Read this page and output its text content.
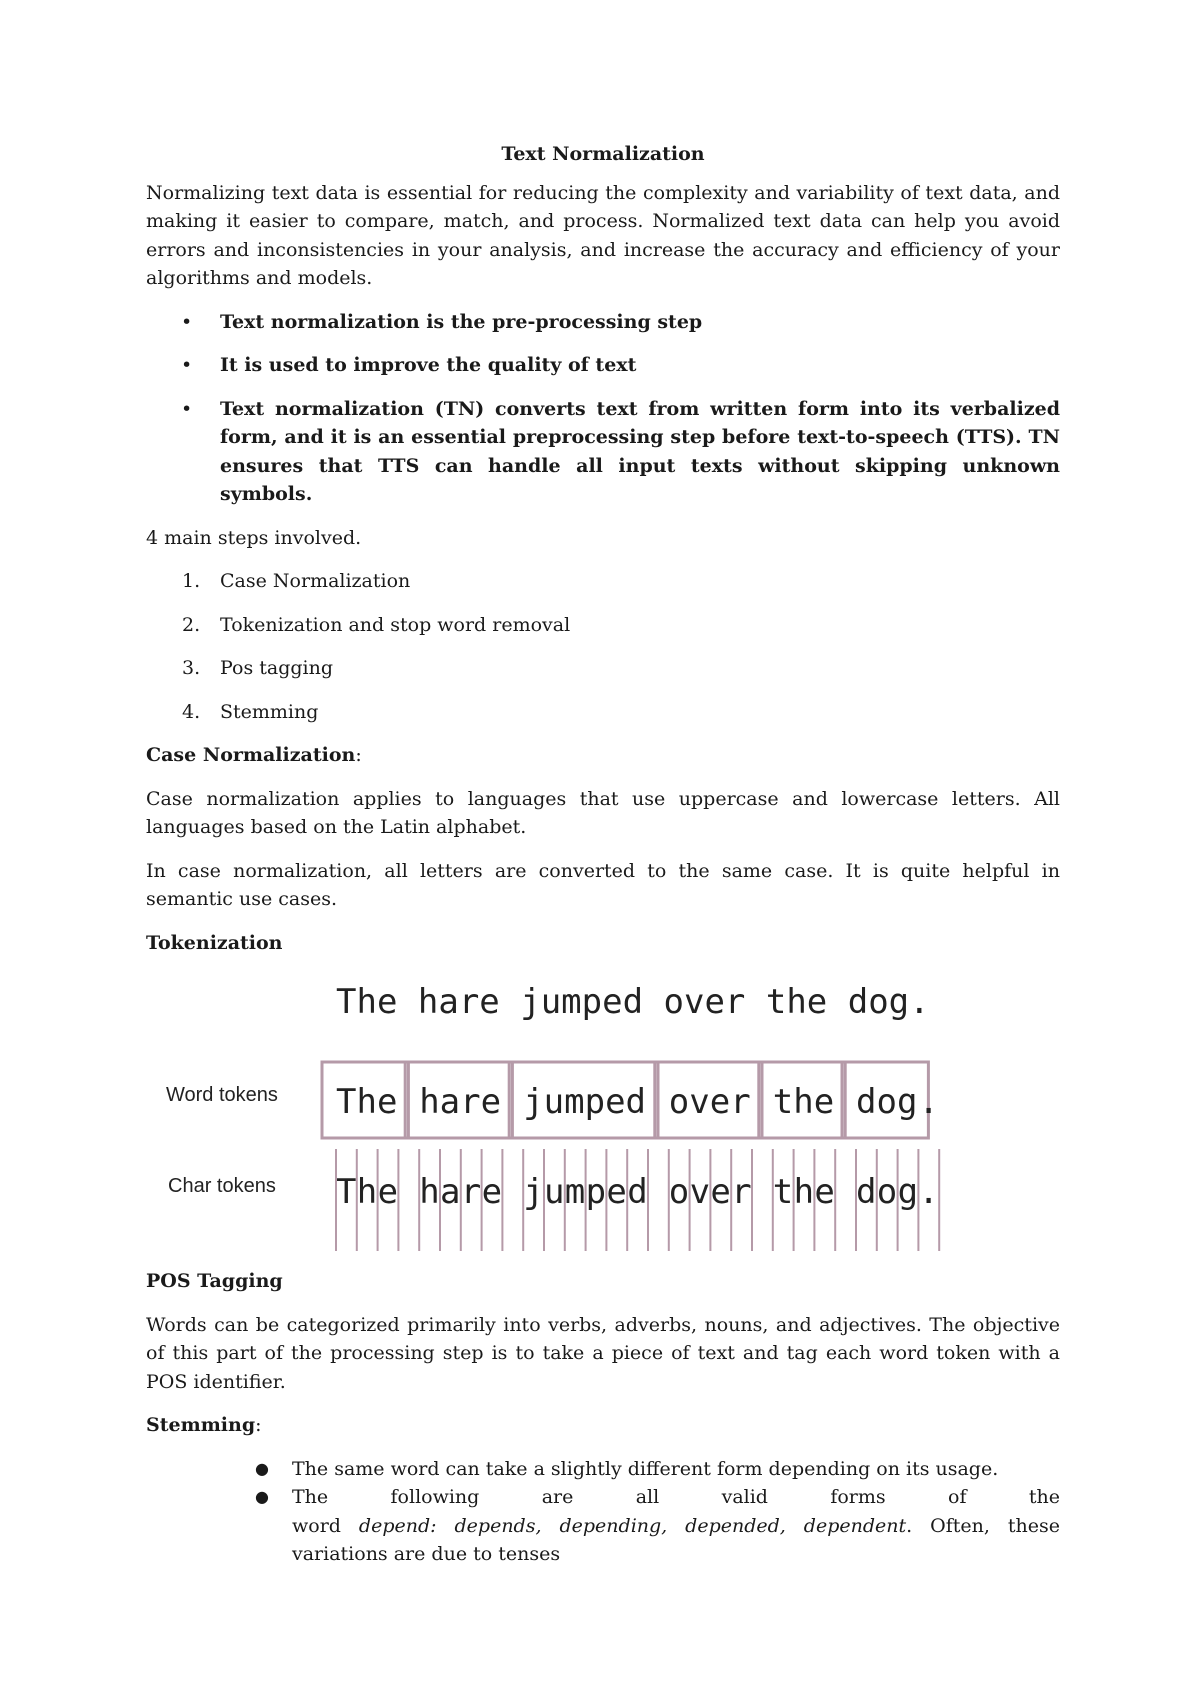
Text Normalization

Normalizing text data is essential for reducing the complexity and variability of text data, and making it easier to compare, match, and process. Normalized text data can help you avoid errors and inconsistencies in your analysis, and increase the accuracy and efficiency of your algorithms and models.

• Text normalization is the pre-processing step
• It is used to improve the quality of text
• Text normalization (TN) converts text from written form into its verbalized form, and it is an essential preprocessing step before text-to-speech (TTS). TN ensures that TTS can handle all input texts without skipping unknown symbols.

4 main steps involved.

1. Case Normalization
2. Tokenization and stop word removal
3. Pos tagging
4. Stemming
Case Normalization:

Case normalization applies to languages that use uppercase and lowercase letters. All languages based on the Latin alphabet.

In case normalization, all letters are converted to the same case. It is quite helpful in semantic use cases.

Tokenization
The hare jumped over the dog.
Word tokens
Char tokens
The hare jumped over the dog .
T h e h a r e j u m p e d o v e r t h e d o g .
POS Tagging

Words can be categorized primarily into verbs, adverbs, nouns, and adjectives. The objective of this part of the processing step is to take a piece of text and tag each word token with a POS identifier.

Stemming:
● The same word can take a slightly different form depending on its usage.
● The following are all valid forms of the
word depend: depends, depending, depended, dependent. Often, these variations are due to tenses
